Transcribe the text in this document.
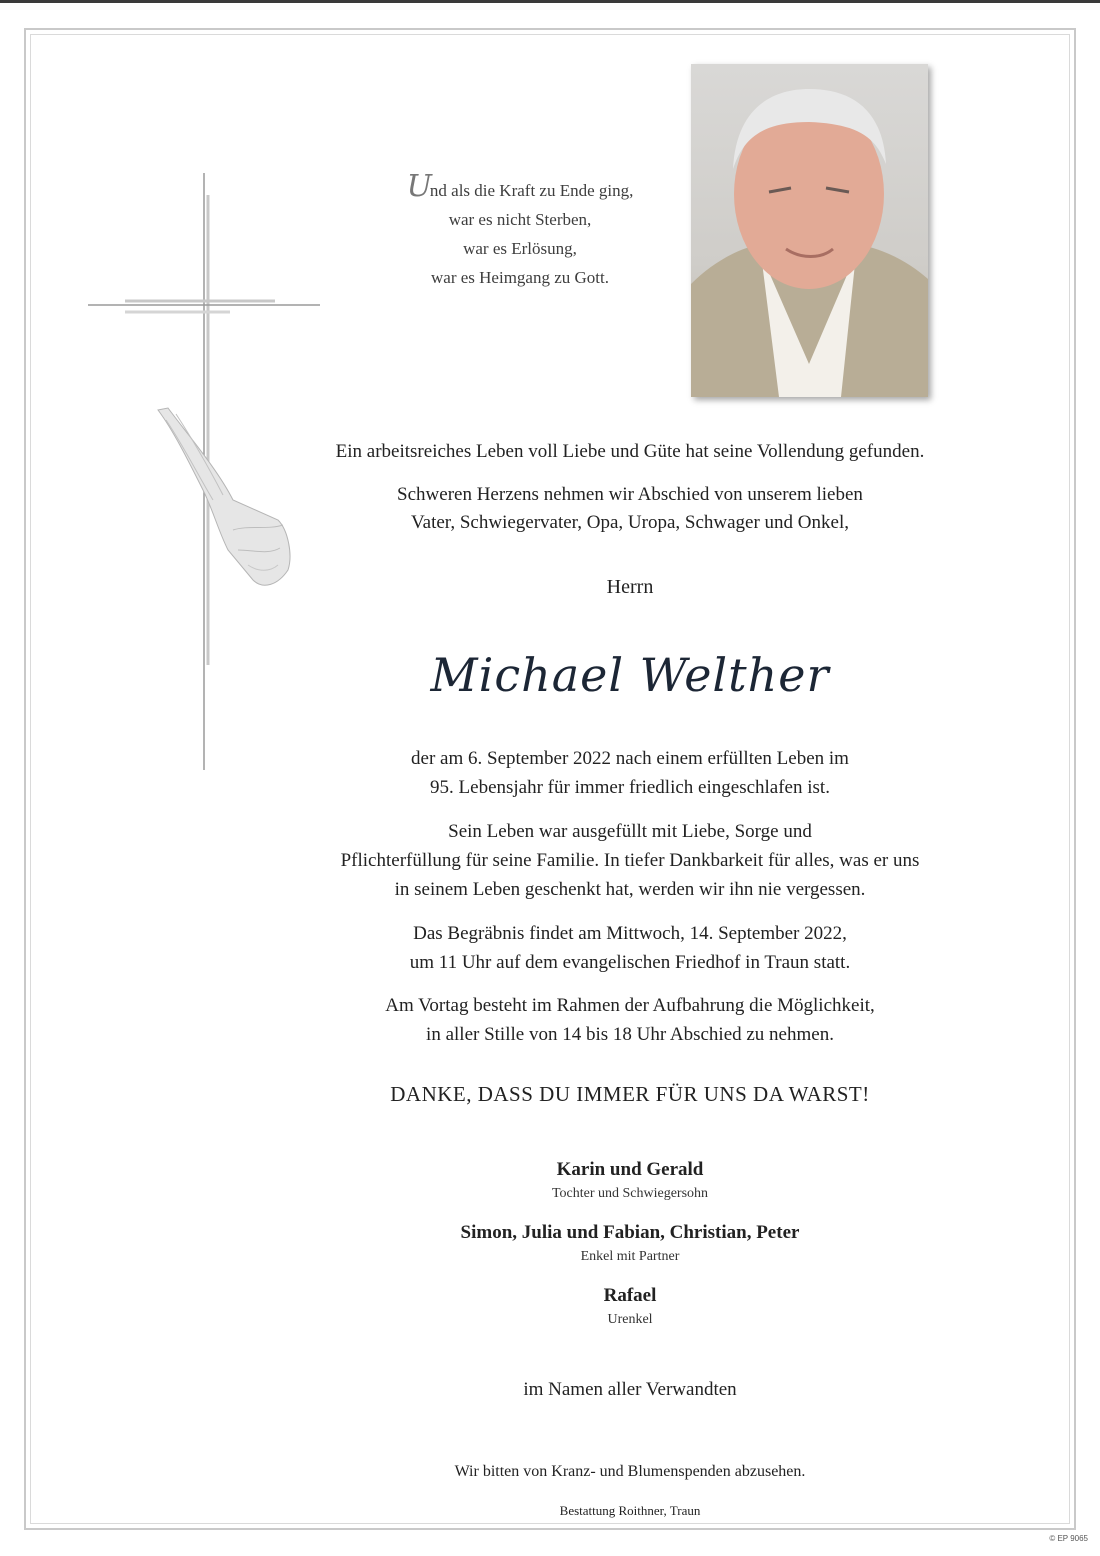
Und als die Kraft zu Ende ging,
war es nicht Sterben,
war es Erlösung,
war es Heimgang zu Gott.
Ein arbeitsreiches Leben voll Liebe und Güte hat seine Vollendung gefunden.
Schweren Herzens nehmen wir Abschied von unserem lieben
Vater, Schwiegervater, Opa, Uropa, Schwager und Onkel,
Herrn
Michael Welther
der am 6. September 2022 nach einem erfüllten Leben im
95. Lebensjahr für immer friedlich eingeschlafen ist.
Sein Leben war ausgefüllt mit Liebe, Sorge und
Pflichterfüllung für seine Familie. In tiefer Dankbarkeit für alles, was er uns
in seinem Leben geschenkt hat, werden wir ihn nie vergessen.
Das Begräbnis findet am Mittwoch, 14. September 2022,
um 11 Uhr auf dem evangelischen Friedhof in Traun statt.
Am Vortag besteht im Rahmen der Aufbahrung die Möglichkeit,
in aller Stille von 14 bis 18 Uhr Abschied zu nehmen.
DANKE, DASS DU IMMER FÜR UNS DA WARST!
Karin und Gerald
Tochter und Schwiegersohn
Simon, Julia und Fabian, Christian, Peter
Enkel mit Partner
Rafael
Urenkel
im Namen aller Verwandten
Wir bitten von Kranz- und Blumenspenden abzusehen.
Bestattung Roithner, Traun
© EP 9065
